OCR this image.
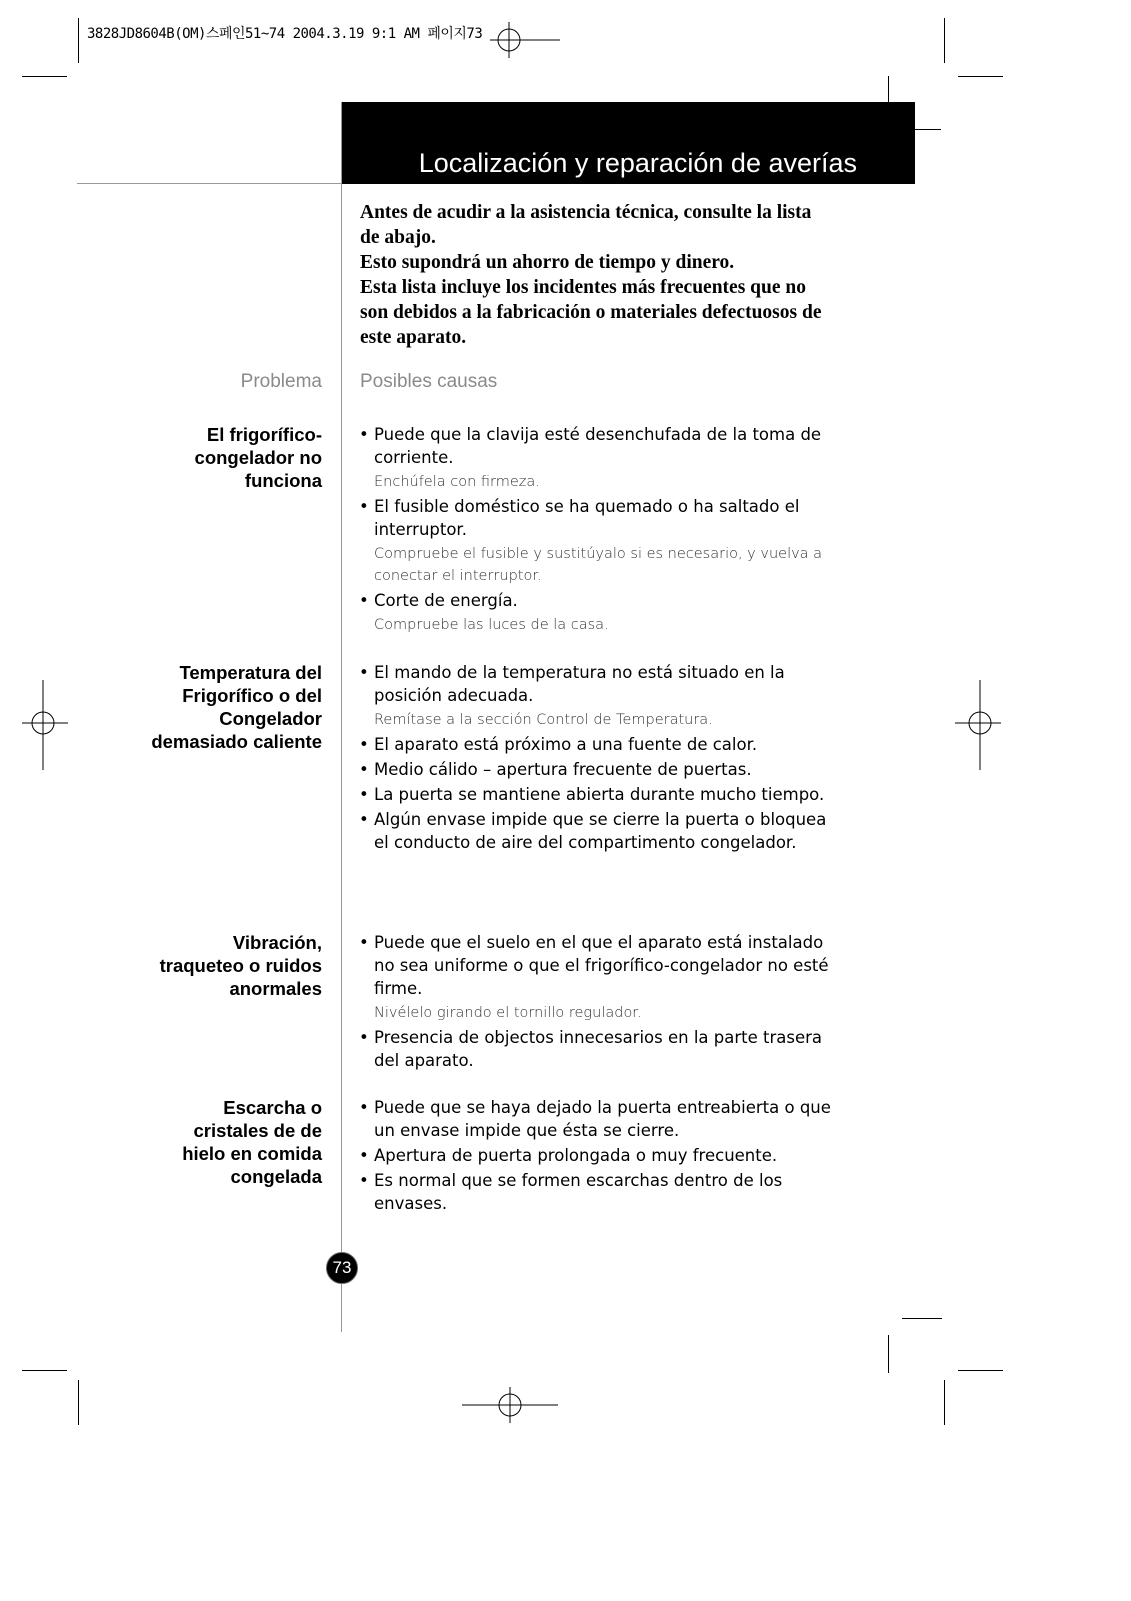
3828JD8604B(OM)스페인51~74 2004.3.19 9:1 AM 페이지73
Localización y reparación de averías

Antes de acudir a la asistencia técnica, consulte la lista de abajo.

Esto supondrá un ahorro de tiempo y dinero.

Esta lista incluye los incidentes más frecuentes que no son debidos a la fabricación o materiales defectuosos de este aparato.

Problema Posibles causas
El frigorífico-
congelador no
funciona
Temperatura del
Frigorífico o del
Congelador
demasiado caliente
Vibración,
traqueteo o ruidos
anormales
Escarcha o
cristales de de
hielo en comida
congelada
• Puede que la clavija esté desenchufada de la toma de corriente.
Enchúfela con firmeza.
• El fusible doméstico se ha quemado o ha saltado el interruptor.
Compruebe el fusible y sustitúyalo si es necesario, y vuelva a conectar el interruptor.
• Corte de energía.
Compruebe las luces de la casa.
• El mando de la temperatura no está situado en la posición adecuada.
Remítase a la sección Control de Temperatura.
• El aparato está próximo a una fuente de calor.
• Medio cálido – apertura frecuente de puertas.
• La puerta se mantiene abierta durante mucho tiempo.
• Algún envase impide que se cierre la puerta o bloquea el conducto de aire del compartimento congelador.
• Puede que el suelo en el que el aparato está instalado no sea uniforme o que el frigorífico-congelador no esté firme.
Nivélelo girando el tornillo regulador.
• Presencia de objectos innecesarios en la parte trasera del aparato.
• Puede que se haya dejado la puerta entreabierta o que un envase impide que ésta se cierre.
• Apertura de puerta prolongada o muy frecuente.
• Es normal que se formen escarchas dentro de los envases.
73
